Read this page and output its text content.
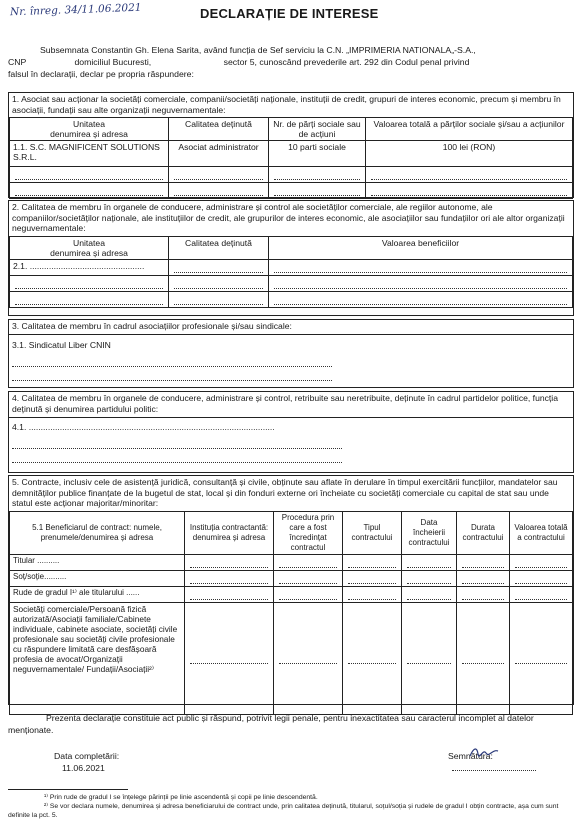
Nr. înreg. 34/11.06.2021	DECLARAȚIE DE INTERESE
Subsemnata Constantin Gh. Elena Sarita, având funcția de Sef serviciu la C.N. „IMPRIMERIA NATIONALA„-S.A.,
CNP                    domiciliul Bucuresti,                              sector 5, cunoscând prevederile art. 292 din Codul penal privind
falsul în declarații, declar pe propria răspundere:
1. Asociat sau acționar la societăți comerciale, companii/societăți naționale, instituții de credit, grupuri de interes economic, precum și membru în asociații, fundații sau alte organizații neguvernamentale:
Unitatea
denumirea și adresa	Calitatea deținută	Nr. de părți sociale sau de acțiuni	Valoarea totală a părților sociale și/sau a acțiunilor
1.1. S.C. MAGNIFICENT SOLUTIONS S.R.L.	Asociat administrator	10 parti sociale	100 lei (RON)

2. Calitatea de membru în organele de conducere, administrare și control ale societăților comerciale, ale regiilor autonome, ale companiilor/societăților naționale, ale instituțiilor de credit, ale grupurilor de interes economic, ale asociațiilor sau fundațiilor ori ale altor organizații neguvernamentale:
Unitatea
denumirea și adresa	Calitatea deținută	Valoarea beneficiilor
2.1. ................................................	

3. Calitatea de membru în cadrul asociațiilor profesionale și/sau sindicale:
3.1. Sindicatul Liber CNIN
4. Calitatea de membru în organele de conducere, administrare și control, retribuite sau neretribuite, deținute în cadrul partidelor politice, funcția deținută și denumirea partidului politic:
4.1. .......................................................................................................
5. Contracte, inclusiv cele de asistență juridică, consultanță și civile, obținute sau aflate în derulare în timpul exercitării funcțiilor, mandatelor sau demnităților publice finanțate de la bugetul de stat, local și din fonduri externe ori încheiate cu societăți comerciale cu capital de stat sau unde statul este acționar majoritar/minoritar:
5.1 Beneficiarul de contract: numele, prenumele/denumirea și adresa	Instituția contractantă: denumirea și adresa	Procedura prin care a fost încredințat contractul	Tipul contractului	Data încheierii contractului	Durata contractului	Valoarea totală a contractului
Titular ..........	

Soț/soție..........	

Rude de gradul I¹⁾ ale titularului ......	

Societăți comerciale/Persoană fizică autorizată/Asociații familiale/Cabinete individuale, cabinete asociate, societăți civile profesionale sau societăți civile profesionale cu răspundere limitată care desfășoară profesia de avocat/Organizații neguvernamentale/ Fundații/Asociații²⁾	

Prezenta declarație constituie act public și răspund, potrivit legii penale, pentru inexactitatea sau caracterul incomplet al datelor menționate.
Data completării:
11.06.2021
Semnătura:
¹⁾ Prin rude de gradul I se înțelege părinții pe linie ascendentă și copii pe linie descendentă.
²⁾ Se vor declara numele, denumirea și adresa beneficiarului de contract unde, prin calitatea deținută, titularul, soțul/soția și rudele de gradul I obțin contracte, așa cum sunt definite la pct. 5.
